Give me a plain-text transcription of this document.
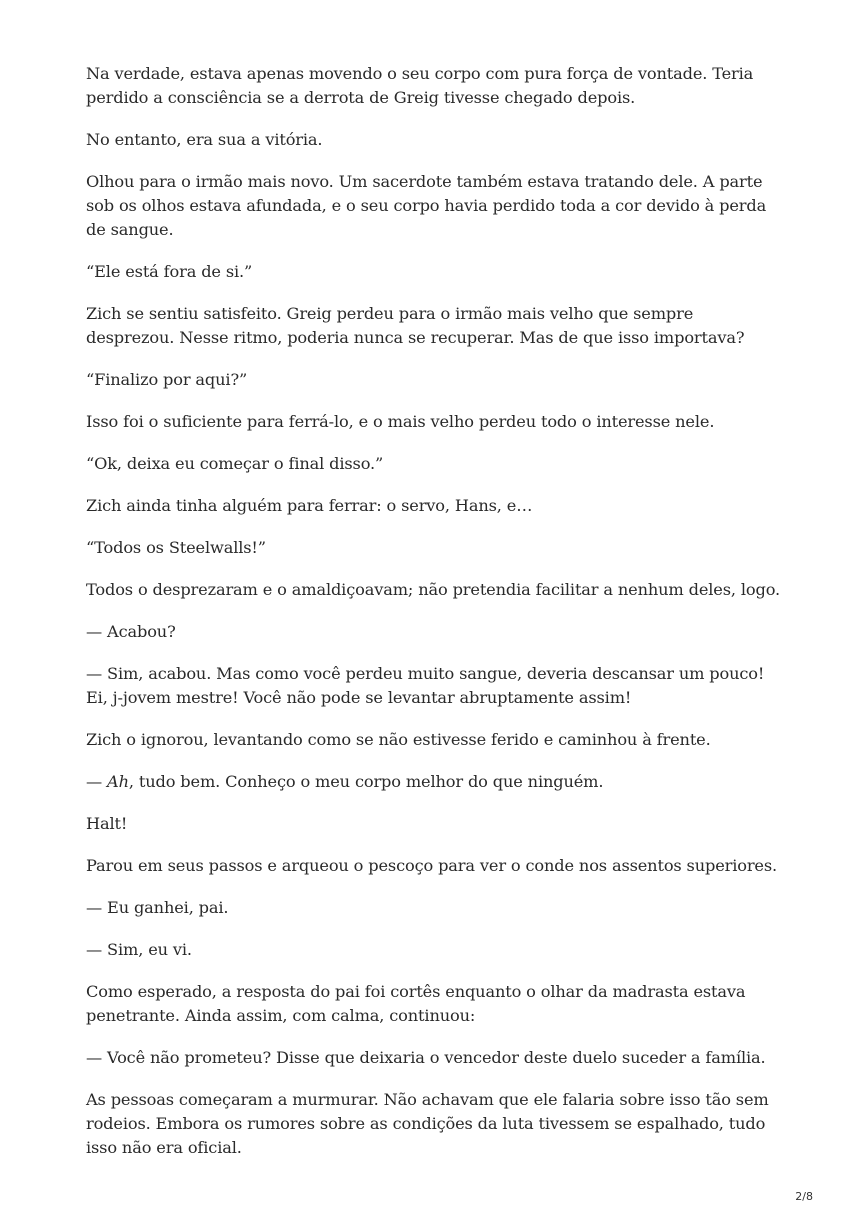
Na verdade, estava apenas movendo o seu corpo com pura força de vontade. Teria perdido a consciência se a derrota de Greig tivesse chegado depois.

No entanto, era sua a vitória.

Olhou para o irmão mais novo. Um sacerdote também estava tratando dele. A parte sob os olhos estava afundada, e o seu corpo havia perdido toda a cor devido à perda de sangue.

“Ele está fora de si.”

Zich se sentiu satisfeito. Greig perdeu para o irmão mais velho que sempre desprezou. Nesse ritmo, poderia nunca se recuperar. Mas de que isso importava?

“Finalizo por aqui?”

Isso foi o suficiente para ferrá-lo, e o mais velho perdeu todo o interesse nele.

“Ok, deixa eu começar o final disso.”

Zich ainda tinha alguém para ferrar: o servo, Hans, e…

“Todos os Steelwalls!”

Todos o desprezaram e o amaldiçoavam; não pretendia facilitar a nenhum deles, logo.

— Acabou?

— Sim, acabou. Mas como você perdeu muito sangue, deveria descansar um pouco! Ei, j-jovem mestre! Você não pode se levantar abruptamente assim!

Zich o ignorou, levantando como se não estivesse ferido e caminhou à frente.

— Ah, tudo bem. Conheço o meu corpo melhor do que ninguém.

Halt!

Parou em seus passos e arqueou o pescoço para ver o conde nos assentos superiores.

— Eu ganhei, pai.

— Sim, eu vi.

Como esperado, a resposta do pai foi cortês enquanto o olhar da madrasta estava penetrante. Ainda assim, com calma, continuou:

— Você não prometeu? Disse que deixaria o vencedor deste duelo suceder a família.

As pessoas começaram a murmurar. Não achavam que ele falaria sobre isso tão sem rodeios. Embora os rumores sobre as condições da luta tivessem se espalhado, tudo isso não era oficial.

2/8
